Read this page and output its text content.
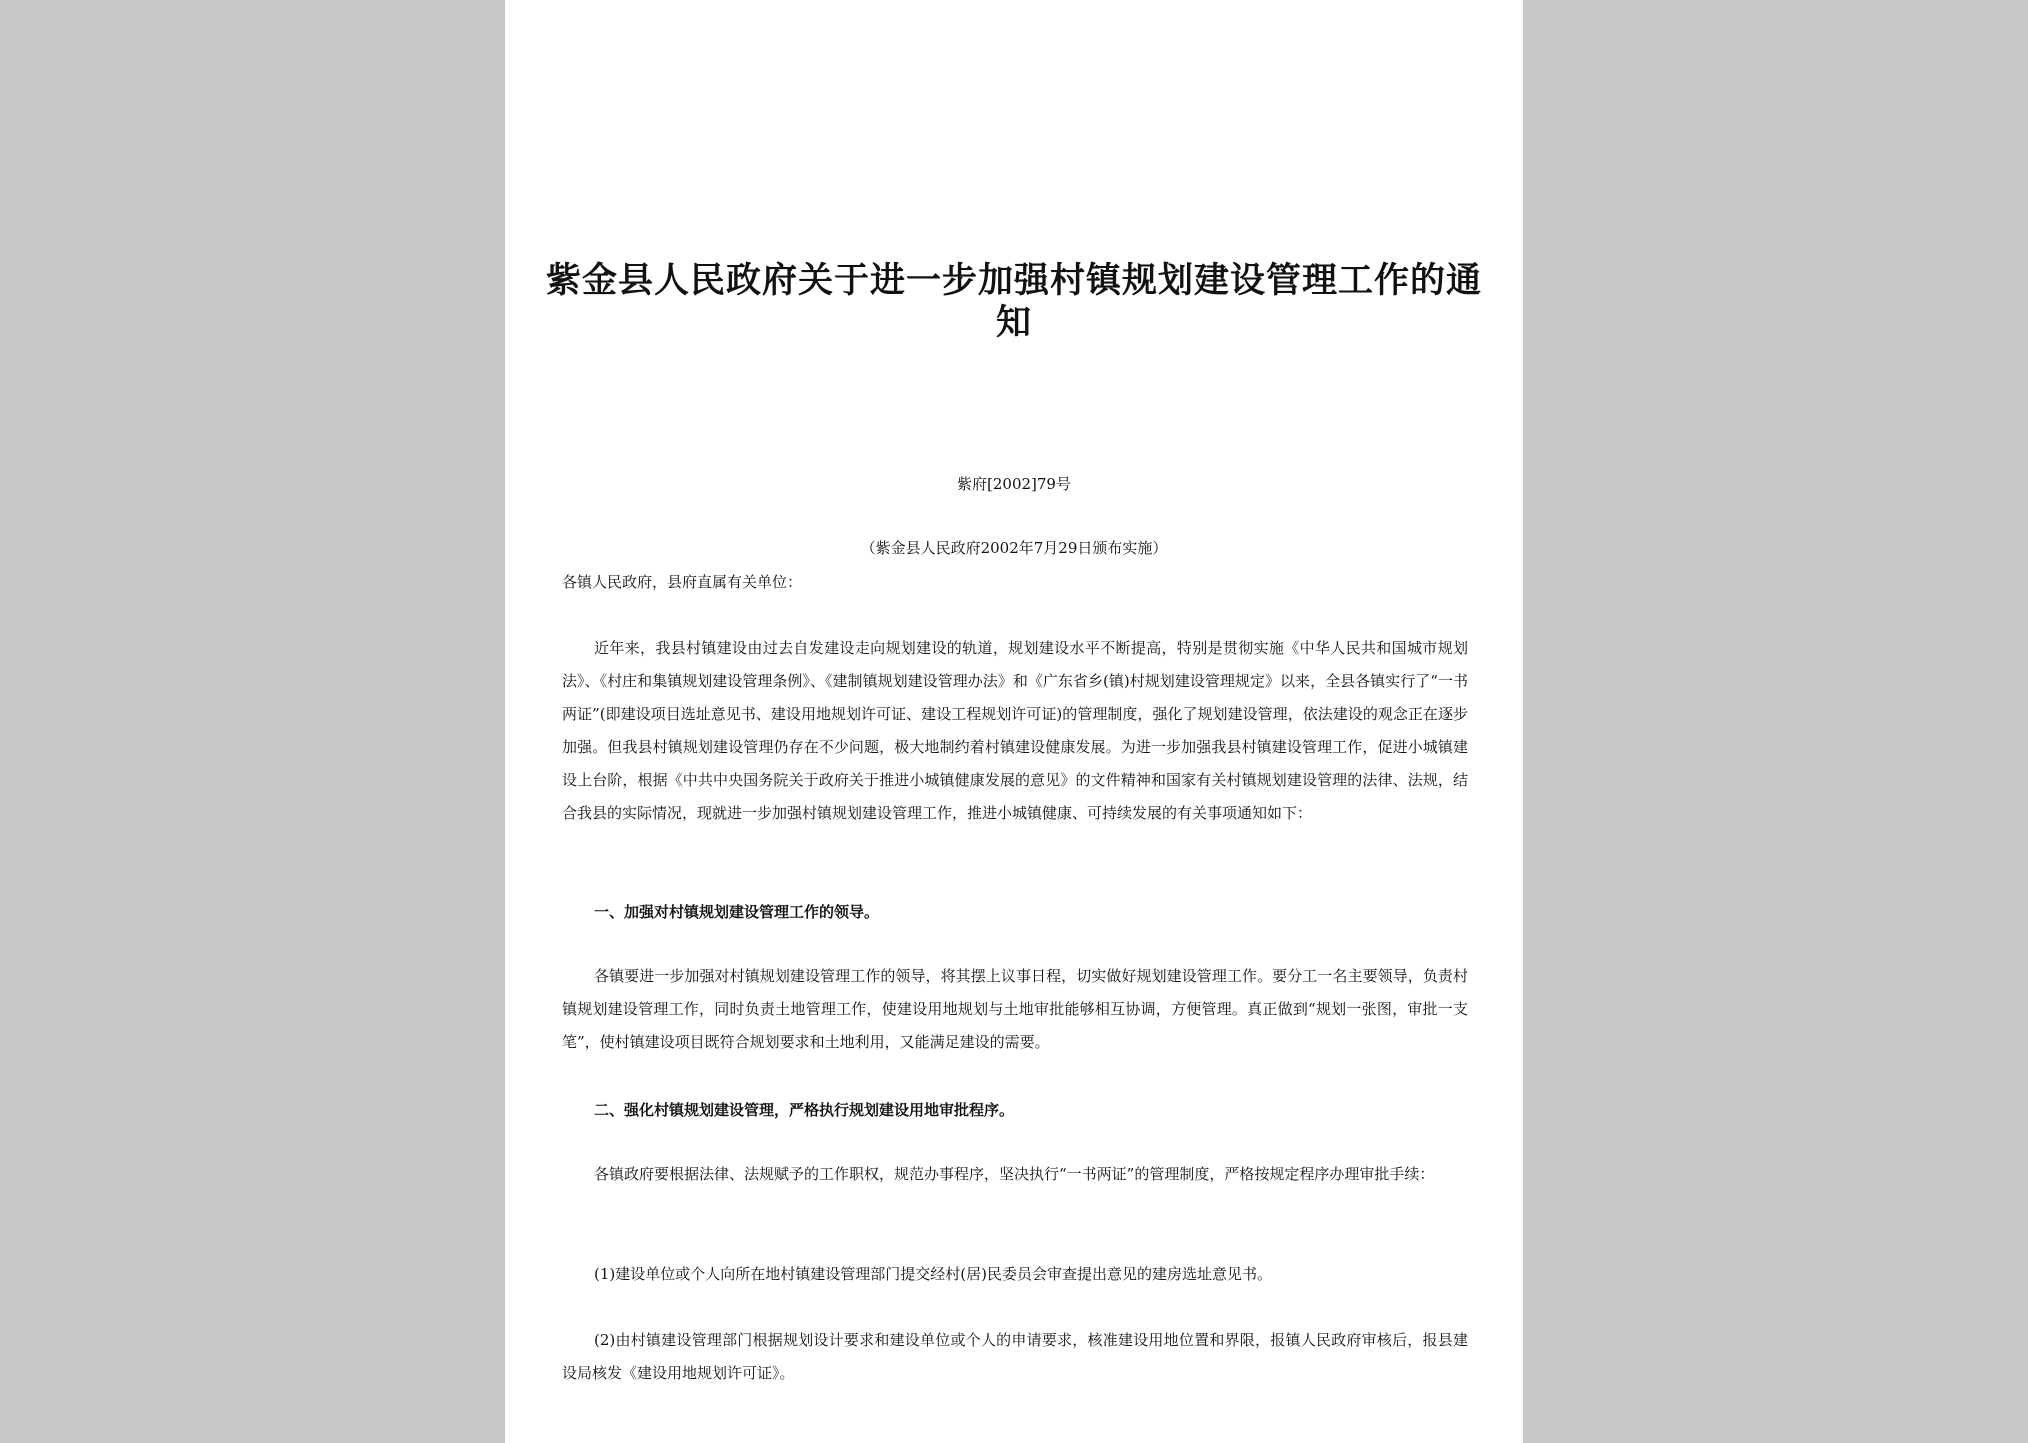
紫金县人民政府关于进一步加强村镇规划建设管理工作的通知
紫府[2002]79号
（紫金县人民政府2002年7月29日颁布实施）
各镇人民政府，县府直属有关单位：
近年来，我县村镇建设由过去自发建设走向规划建设的轨道，规划建设水平不断提高，特别是贯彻实施《中华人民共和国城市规划法》、《村庄和集镇规划建设管理条例》、《建制镇规划建设管理办法》和《广东省乡(镇)村规划建设管理规定》以来，全县各镇实行了“一书两证”(即建设项目选址意见书、建设用地规划许可证、建设工程规划许可证)的管理制度，强化了规划建设管理，依法建设的观念正在逐步加强。但我县村镇规划建设管理仍存在不少问题，极大地制约着村镇建设健康发展。为进一步加强我县村镇建设管理工作，促进小城镇建设上台阶，根据《中共中央国务院关于政府关于推进小城镇健康发展的意见》的文件精神和国家有关村镇规划建设管理的法律、法规，结合我县的实际情况，现就进一步加强村镇规划建设管理工作，推进小城镇健康、可持续发展的有关事项通知如下：
一、加强对村镇规划建设管理工作的领导。
各镇要进一步加强对村镇规划建设管理工作的领导，将其摆上议事日程，切实做好规划建设管理工作。要分工一名主要领导，负责村镇规划建设管理工作，同时负责土地管理工作，使建设用地规划与土地审批能够相互协调，方便管理。真正做到“规划一张图，审批一支笔”，使村镇建设项目既符合规划要求和土地利用，又能满足建设的需要。
二、强化村镇规划建设管理，严格执行规划建设用地审批程序。
各镇政府要根据法律、法规赋予的工作职权，规范办事程序，坚决执行“一书两证”的管理制度，严格按规定程序办理审批手续：
(1)建设单位或个人向所在地村镇建设管理部门提交经村(居)民委员会审查提出意见的建房选址意见书。
(2)由村镇建设管理部门根据规划设计要求和建设单位或个人的申请要求，核准建设用地位置和界限，报镇人民政府审核后，报县建设局核发《建设用地规划许可证》。
